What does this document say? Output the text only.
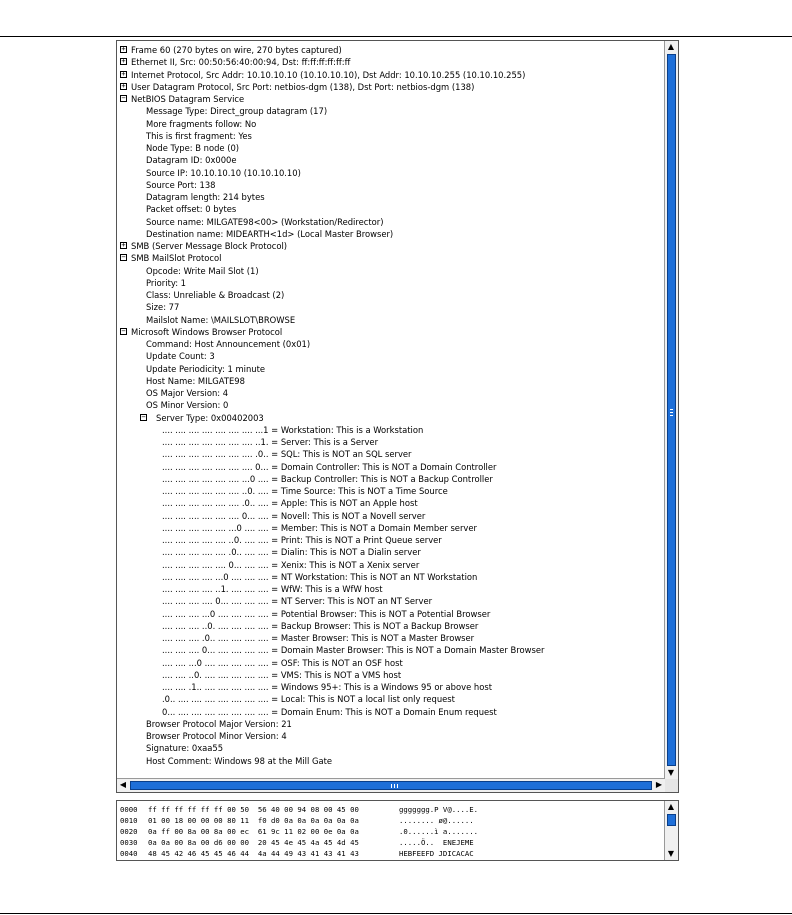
+ Frame 60 (270 bytes on wire, 270 bytes captured)
+ Ethernet II, Src: 00:50:56:40:00:94, Dst: ff:ff:ff:ff:ff:ff
+ Internet Protocol, Src Addr: 10.10.10.10 (10.10.10.10), Dst Addr: 10.10.10.255 (10.10.10.255)
+ User Datagram Protocol, Src Port: netbios-dgm (138), Dst Port: netbios-dgm (138)
− NetBIOS Datagram Service
Message Type: Direct_group datagram (17)
More fragments follow: No
This is first fragment: Yes
Node Type: B node (0)
Datagram ID: 0x000e
Source IP: 10.10.10.10 (10.10.10.10)
Source Port: 138
Datagram length: 214 bytes
Packet offset: 0 bytes
Source name: MILGATE98<00> (Workstation/Redirector)
Destination name: MIDEARTH<1d> (Local Master Browser)
+ SMB (Server Message Block Protocol)
− SMB MailSlot Protocol
Opcode: Write Mail Slot (1)
Priority: 1
Class: Unreliable & Broadcast (2)
Size: 77
Mailslot Name: \MAILSLOT\BROWSE
− Microsoft Windows Browser Protocol
Command: Host Announcement (0x01)
Update Count: 3
Update Periodicity: 1 minute
Host Name: MILGATE98
OS Major Version: 4
OS Minor Version: 0
− Server Type: 0x00402003
.... .... .... .... .... .... .... ...1 = Workstation: This is a Workstation
.... .... .... .... .... .... .... ..1. = Server: This is a Server
.... .... .... .... .... .... .... .0.. = SQL: This is NOT an SQL server
.... .... .... .... .... .... .... 0... = Domain Controller: This is NOT a Domain Controller
.... .... .... .... .... .... ...0 .... = Backup Controller: This is NOT a Backup Controller
.... .... .... .... .... .... ..0. .... = Time Source: This is NOT a Time Source
.... .... .... .... .... .... .0.. .... = Apple: This is NOT an Apple host
.... .... .... .... .... .... 0... .... = Novell: This is NOT a Novell server
.... .... .... .... .... ...0 .... .... = Member: This is NOT a Domain Member server
.... .... .... .... .... ..0. .... .... = Print: This is NOT a Print Queue server
.... .... .... .... .... .0.. .... .... = Dialin: This is NOT a Dialin server
.... .... .... .... .... 0... .... .... = Xenix: This is NOT a Xenix server
.... .... .... .... ...0 .... .... .... = NT Workstation: This is NOT an NT Workstation
.... .... .... .... ..1. .... .... .... = WfW: This is a WfW host
.... .... .... .... 0... .... .... .... = NT Server: This is NOT an NT Server
.... .... .... ...0 .... .... .... .... = Potential Browser: This is NOT a Potential Browser
.... .... .... ..0. .... .... .... .... = Backup Browser: This is NOT a Backup Browser
.... .... .... .0.. .... .... .... .... = Master Browser: This is NOT a Master Browser
.... .... .... 0... .... .... .... .... = Domain Master Browser: This is NOT a Domain Master Browser
.... .... ...0 .... .... .... .... .... = OSF: This is NOT an OSF host
.... .... ..0. .... .... .... .... .... = VMS: This is NOT a VMS host
.... .... .1.. .... .... .... .... .... = Windows 95+: This is a Windows 95 or above host
.0.. .... .... .... .... .... .... .... = Local: This is NOT a local list only request
0... .... .... .... .... .... .... .... = Domain Enum: This is NOT a Domain Enum request
Browser Protocol Major Version: 21
Browser Protocol Minor Version: 4
Signature: 0xaa55
Host Comment: Windows 98 at the Mill Gate
▲
▼
◀	▶
0000 ff ff ff ff ff ff 00 50  56 40 00 94 08 00 45 00	ggggggg.P V@....E.
0010 01 00 18 00 00 00 80 11  f0 d0 0a 0a 0a 0a 0a 0a	........ ø@......
0020 0a ff 00 8a 00 8a 00 ec  61 9c 11 02 00 0e 0a 0a	.0......ì a.......
0030 0a 0a 00 8a 00 d6 00 00  20 45 4e 45 4a 45 4d 45	.....Ö..  ENEJEME
0040 48 45 42 46 45 45 46 44  4a 44 49 43 41 43 41 43	HEBFEEFD JDICACAC
▲
▼
